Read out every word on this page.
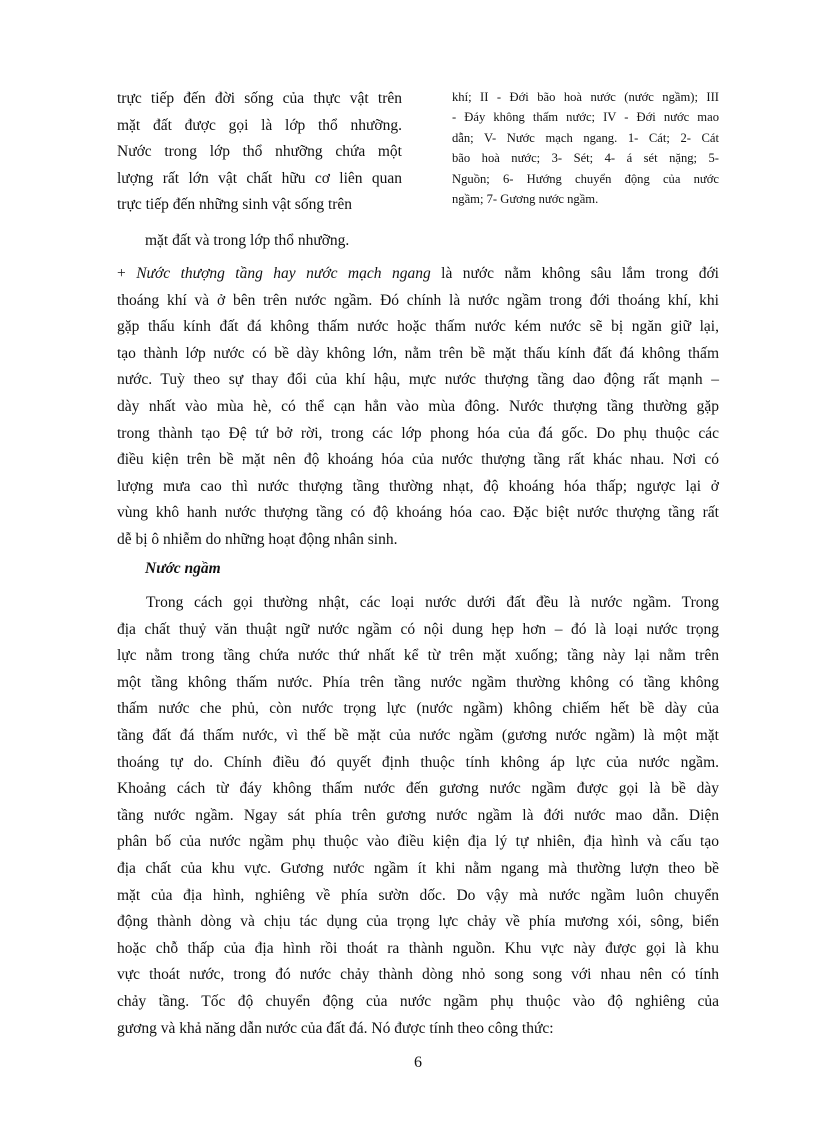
trực tiếp đến đời sống của thực vật trên
mặt đất được gọi là lớp thổ nhưỡng.
Nước trong lớp thổ nhưỡng chứa một
lượng rất lớn vật chất hữu cơ liên quan
trực tiếp đến những sinh vật sống trên
khí; II - Đới bão hoà nước (nước ngầm); III
- Đáy không thấm nước; IV - Đới nước mao
dẫn; V- Nước mạch ngang. 1- Cát; 2- Cát
bão hoà nước; 3- Sét; 4- á sét nặng; 5-
Nguồn; 6- Hướng chuyển động của nước
ngầm; 7- Gương nước ngầm.
mặt đất và trong lớp thổ nhưỡng.
+ Nước thượng tầng hay nước mạch ngang là nước nằm không sâu lắm trong đới
thoáng khí và ở bên trên nước ngầm. Đó chính là nước ngầm trong đới thoáng khí, khi
gặp thấu kính đất đá không thấm nước hoặc thấm nước kém nước sẽ bị ngăn giữ lại,
tạo thành lớp nước có bề dày không lớn, nằm trên bề mặt thấu kính đất đá không thấm
nước. Tuỳ theo sự thay đổi của khí hậu, mực nước thượng tầng dao động rất mạnh –
dày nhất vào mùa hè, có thể cạn hẳn vào mùa đông. Nước thượng tầng thường gặp
trong thành tạo Đệ tứ bở rời, trong các lớp phong hóa của đá gốc. Do phụ thuộc các
điều kiện trên bề mặt nên độ khoáng hóa của nước thượng tầng rất khác nhau. Nơi có
lượng mưa cao thì nước thượng tầng thường nhạt, độ khoáng hóa thấp; ngược lại ở
vùng khô hanh nước thượng tầng có độ khoáng hóa cao. Đặc biệt nước thượng tầng rất
dễ bị ô nhiễm do những hoạt động nhân sinh.
Nước ngầm
Trong cách gọi thường nhật, các loại nước dưới đất đều là nước ngầm. Trong
địa chất thuỷ văn thuật ngữ nước ngầm có nội dung hẹp hơn – đó là loại nước trọng
lực nằm trong tầng chứa nước thứ nhất kể từ trên mặt xuống; tầng này lại nằm trên
một tầng không thấm nước. Phía trên tầng nước ngầm thường không có tầng không
thấm nước che phủ, còn nước trọng lực (nước ngầm) không chiếm hết bề dày của
tầng đất đá thấm nước, vì thế bề mặt của nước ngầm (gương nước ngầm) là một mặt
thoáng tự do. Chính điều đó quyết định thuộc tính không áp lực của nước ngầm.
Khoảng cách từ đáy không thấm nước đến gương nước ngầm được gọi là bề dày
tầng nước ngầm. Ngay sát phía trên gương nước ngầm là đới nước mao dẫn. Diện
phân bố của nước ngầm phụ thuộc vào điều kiện địa lý tự nhiên, địa hình và cấu tạo
địa chất của khu vực. Gương nước ngầm ít khi nằm ngang mà thường lượn theo bề
mặt của địa hình, nghiêng về phía sườn dốc. Do vậy mà nước ngầm luôn chuyển
động thành dòng và chịu tác dụng của trọng lực chảy về phía mương xói, sông, biển
hoặc chỗ thấp của địa hình rồi thoát ra thành nguồn. Khu vực này được gọi là khu
vực thoát nước, trong đó nước chảy thành dòng nhỏ song song với nhau nên có tính
chảy tầng. Tốc độ chuyển động của nước ngầm phụ thuộc vào độ nghiêng của
gương và khả năng dẫn nước của đất đá. Nó được tính theo công thức:
6
